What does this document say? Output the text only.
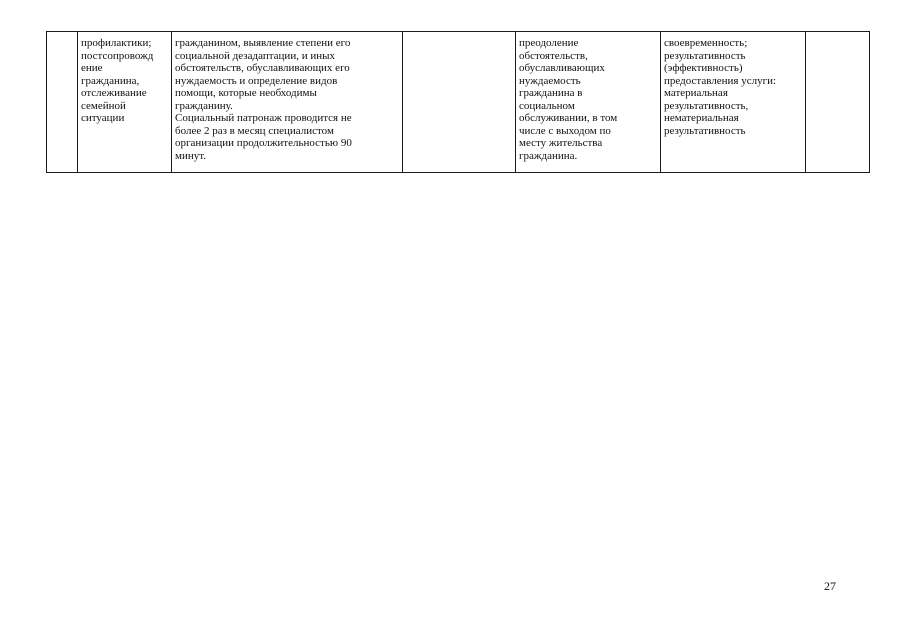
	профилактики;
постсопровожд
ение
гражданина,
отслеживание
семейной
ситуации	гражданином, выявление степени его
социальной дезадаптации, и иных
обстоятельств, обуславливающих его
нуждаемость и определение видов
помощи, которые необходимы
гражданину.
Социальный патронаж проводится не
более 2 раз в месяц специалистом
организации продолжительностью 90
минут.		преодоление
обстоятельств,
обуславливающих
нуждаемость
гражданина в
социальном
обслуживании, в том
числе с выходом по
месту жительства
гражданина.	своевременность;
результативность
(эффективность)
предоставления услуги:
материальная
результативность,
нематериальная
результативность	
27
